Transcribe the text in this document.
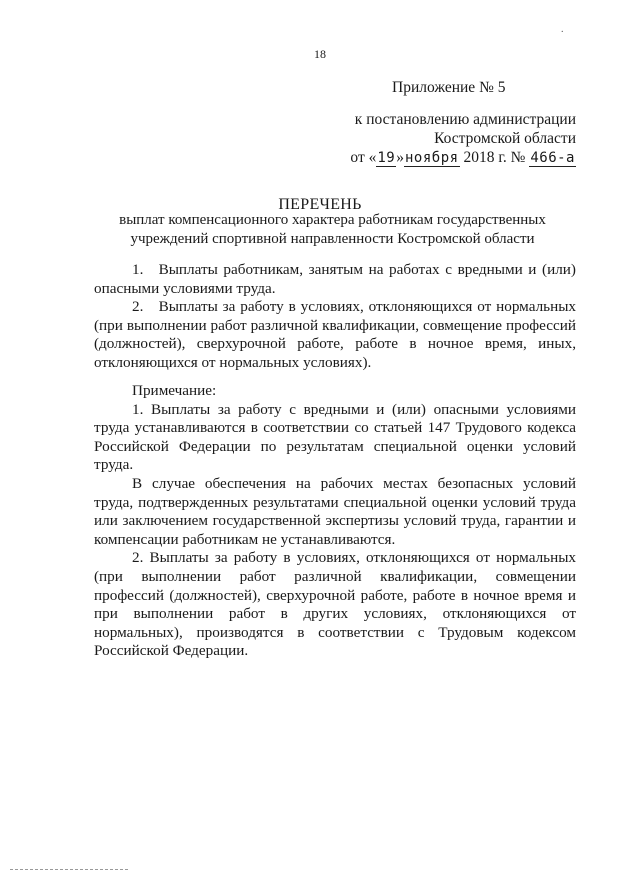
18
.
Приложение № 5
к постановлению администрации
Костромской области
от «19»ноября 2018 г. № 466-а
ПЕРЕЧЕНЬ
выплат компенсационного характера работникам государственных
учреждений спортивной направленности Костромской области

1. Выплаты работникам, занятым на работах с вредными и (или) опасными условиями труда.

2. Выплаты за работу в условиях, отклоняющихся от нормальных (при выполнении работ различной квалификации, совмещение профессий (должностей), сверхурочной работе, работе в ночное время, иных, отклоняющихся от нормальных условиях).

Примечание:

1. Выплаты за работу с вредными и (или) опасными условиями труда устанавливаются в соответствии со статьей 147 Трудового кодекса Российской Федерации по результатам специальной оценки условий труда.

В случае обеспечения на рабочих местах безопасных условий труда, подтвержденных результатами специальной оценки условий труда или заключением государственной экспертизы условий труда, гарантии и компенсации работникам не устанавливаются.

2. Выплаты за работу в условиях, отклоняющихся от нормальных (при выполнении работ различной квалификации, совмещении профессий (должностей), сверхурочной работе, работе в ночное время и при выполнении работ в других условиях, отклоняющихся от нормальных), производятся в соответствии с Трудовым кодексом Российской Федерации.
